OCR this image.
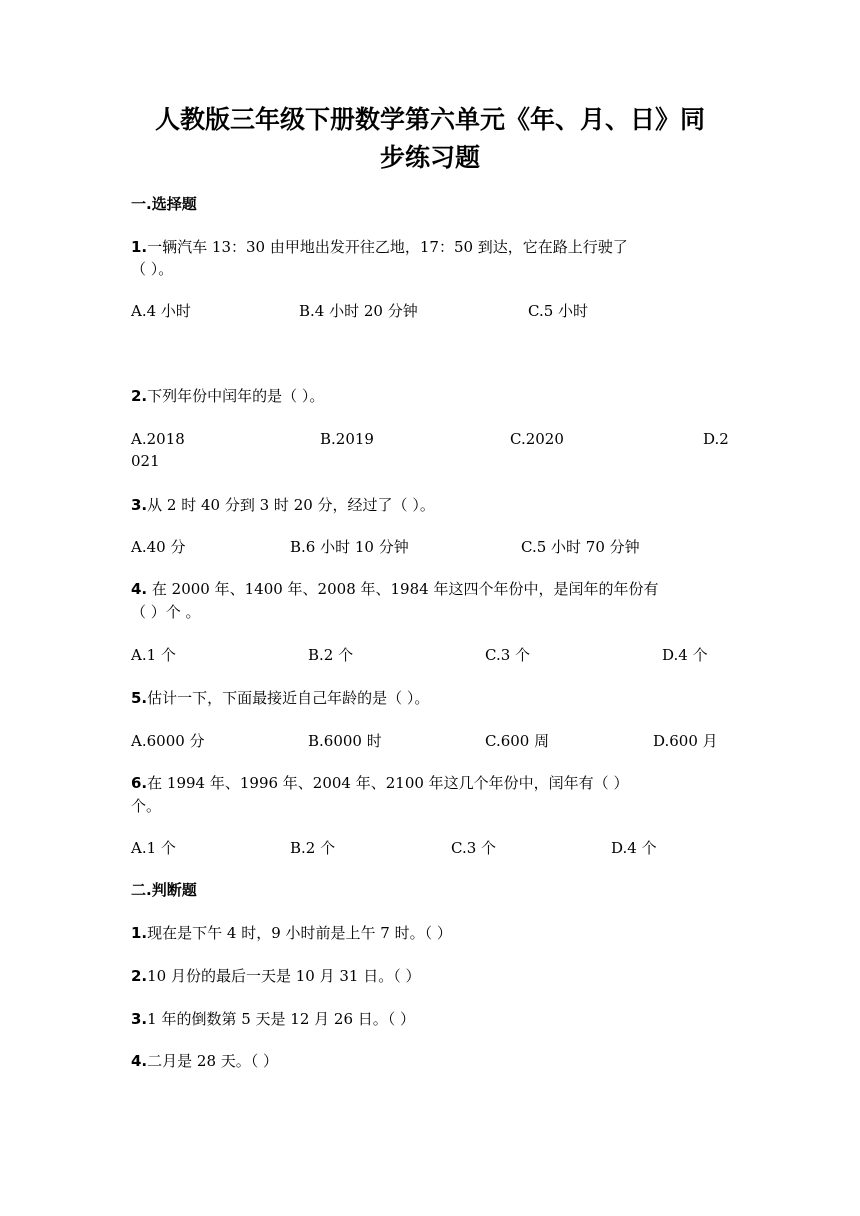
人教版三年级下册数学第六单元《年、月、日》同
步练习题
一.选择题
1.一辆汽车 13：30 由甲地出发开往乙地，17：50 到达，它在路上行驶了
（ ）。
A.4 小时	B.4 小时 20 分钟	C.5 小时
2.下列年份中闰年的是（ ）。
A.2018	B.2019	C.2020	D.2
021
3.从 2 时 40 分到 3 时 20 分，经过了（ ）。
A.40 分	B.6 小时 10 分钟	C.5 小时 70 分钟
4. 在 2000 年、1400 年、2008 年、1984 年这四个年份中，是闰年的年份有
（ ）个 。
A.1 个	B.2 个	C.3 个	D.4 个
5.估计一下，下面最接近自己年龄的是（ ）。
A.6000 分	B.6000 时	C.600 周	D.600 月
6.在 1994 年、1996 年、2004 年、2100 年这几个年份中，闰年有（ ）
个。
A.1 个	B.2 个	C.3 个	D.4 个
二.判断题
1.现在是下午 4 时，9 小时前是上午 7 时。（ ）
2.10 月份的最后一天是 10 月 31 日。（ ）
3.1 年的倒数第 5 天是 12 月 26 日。（ ）
4.二月是 28 天。（ ）
